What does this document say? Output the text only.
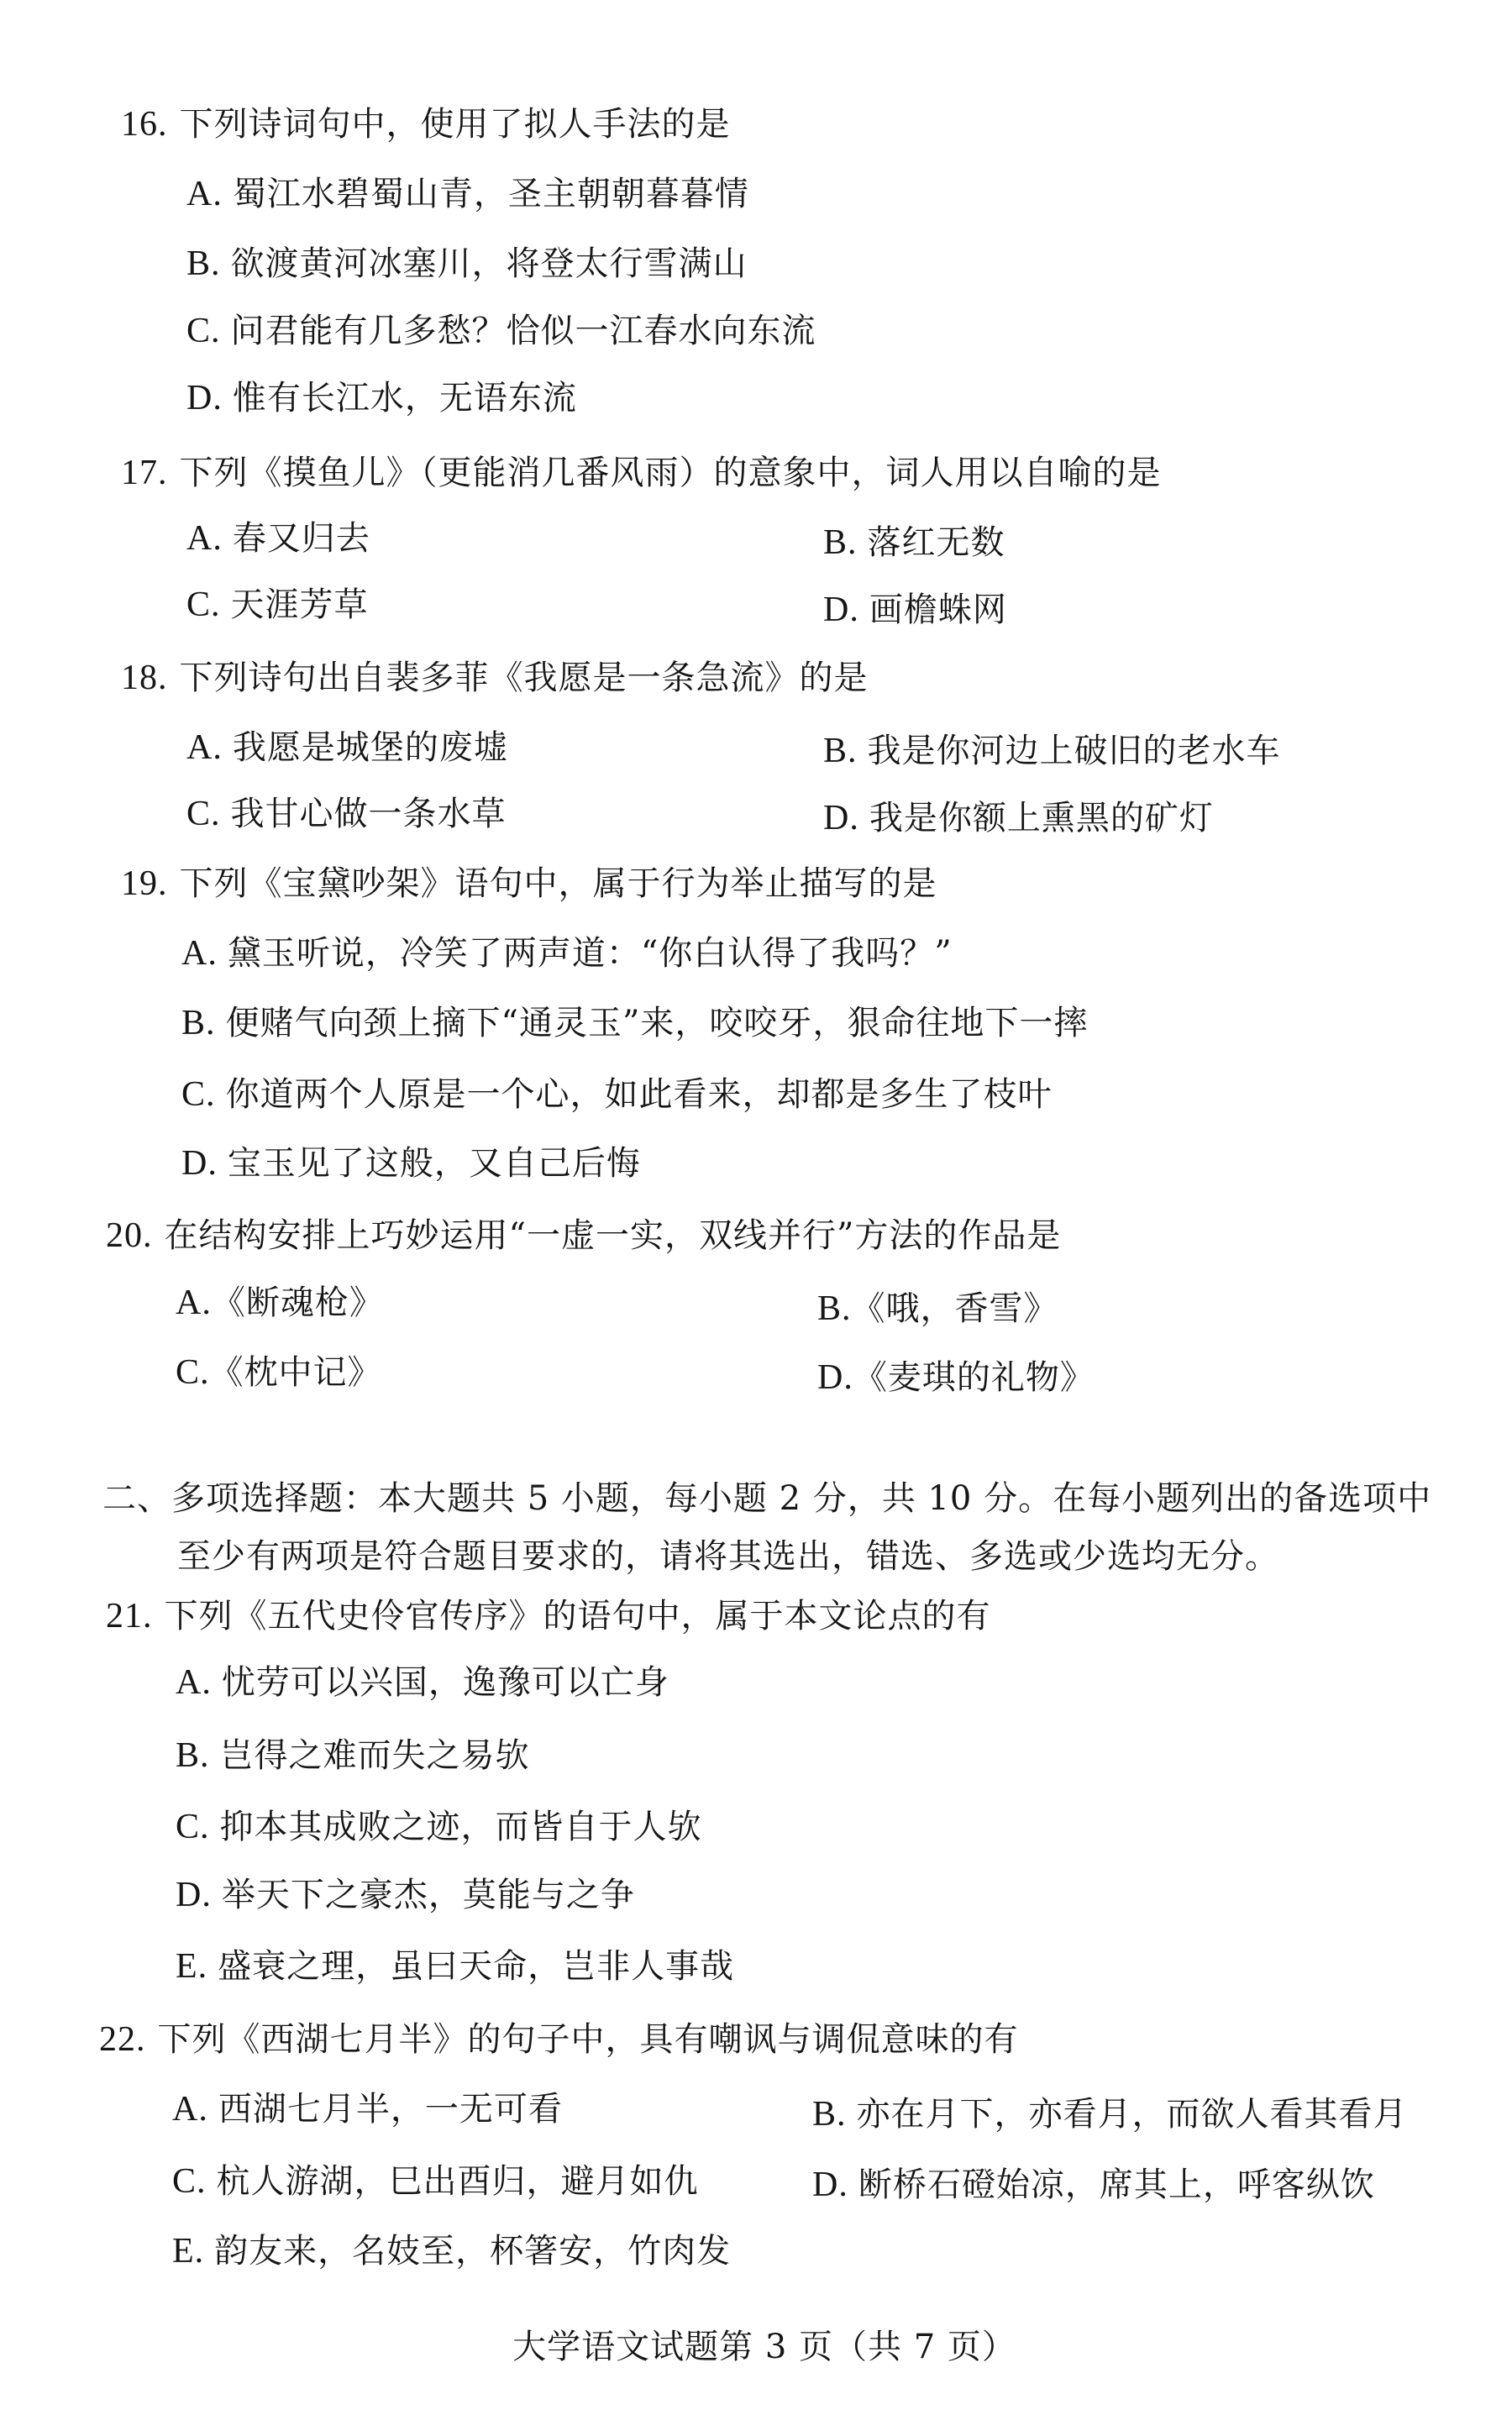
16. 下列诗词句中，使用了拟人手法的是
A. 蜀江水碧蜀山青，圣主朝朝暮暮情
B. 欲渡黄河冰塞川，将登太行雪满山
C. 问君能有几多愁？恰似一江春水向东流
D. 惟有长江水，无语东流
17. 下列《摸鱼儿》（更能消几番风雨）的意象中，词人用以自喻的是
A. 春又归去	B. 落红无数
C. 天涯芳草	D. 画檐蛛网
18. 下列诗句出自裴多菲《我愿是一条急流》的是
A. 我愿是城堡的废墟	B. 我是你河边上破旧的老水车
C. 我甘心做一条水草	D. 我是你额上熏黑的矿灯
19. 下列《宝黛吵架》语句中，属于行为举止描写的是
A. 黛玉听说，冷笑了两声道：“你白认得了我吗？”
B. 便赌气向颈上摘下“通灵玉”来，咬咬牙，狠命往地下一摔
C. 你道两个人原是一个心，如此看来，却都是多生了枝叶
D. 宝玉见了这般，又自己后悔
20. 在结构安排上巧妙运用“一虚一实，双线并行”方法的作品是
A.《断魂枪》	B.《哦，香雪》
C.《枕中记》	D.《麦琪的礼物》
二、多项选择题：本大题共 5 小题，每小题 2 分，共 10 分。在每小题列出的备选项中
至少有两项是符合题目要求的，请将其选出，错选、多选或少选均无分。
21. 下列《五代史伶官传序》的语句中，属于本文论点的有
A. 忧劳可以兴国，逸豫可以亡身
B. 岂得之难而失之易欤
C. 抑本其成败之迹，而皆自于人欤
D. 举天下之豪杰，莫能与之争
E. 盛衰之理，虽曰天命，岂非人事哉
22. 下列《西湖七月半》的句子中，具有嘲讽与调侃意味的有
A. 西湖七月半，一无可看	B. 亦在月下，亦看月，而欲人看其看月
C. 杭人游湖，巳出酉归，避月如仇	D. 断桥石磴始凉，席其上，呼客纵饮
E. 韵友来，名妓至，杯箸安，竹肉发
大学语文试题第 3 页（共 7 页）
